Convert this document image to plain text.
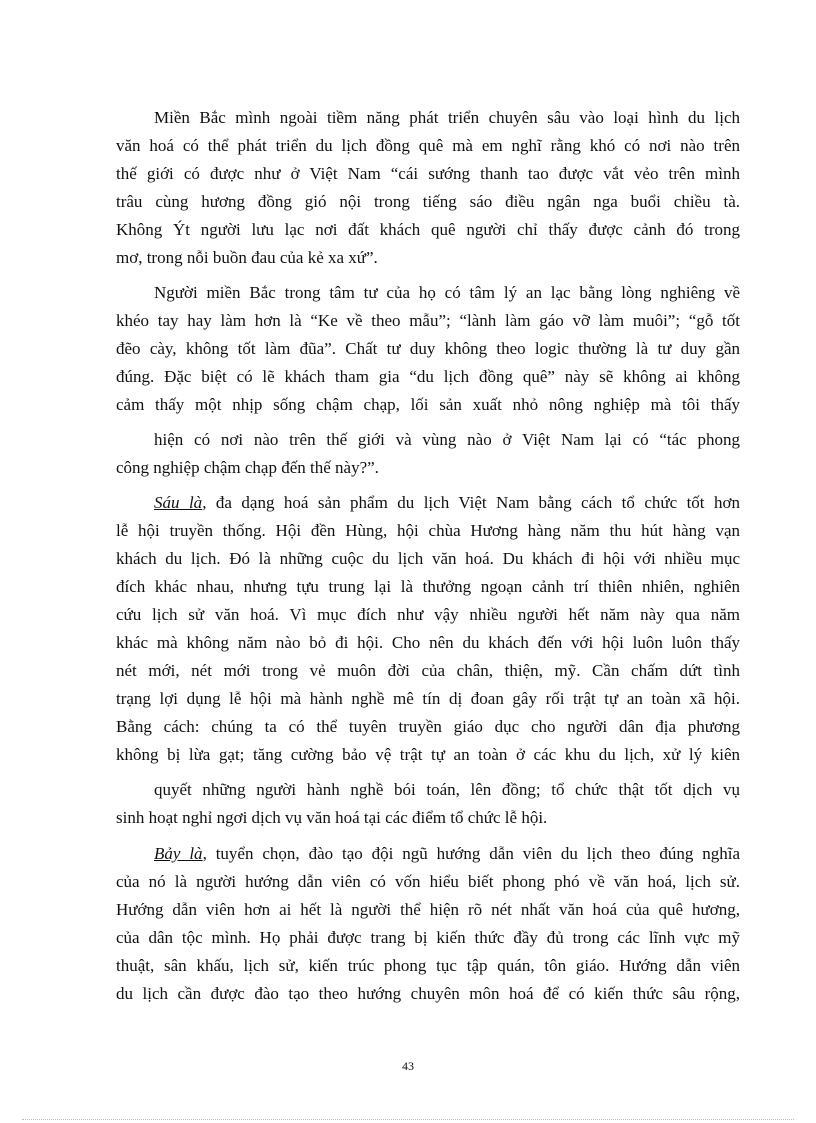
Miền Bắc mình ngoài tiềm năng phát triển chuyên sâu vào loại hình du lịch
văn hoá có thể phát triển du lịch đồng quê mà em nghĩ rằng khó có nơi nào trên
thế giới có được như ở Việt Nam “cái sướng thanh tao được vắt vẻo trên mình
trâu cùng hương đồng gió nội trong tiếng sáo điều ngân nga buổi chiều tà.
Không Ýt người lưu lạc nơi đất khách quê người chỉ thấy được cảnh đó trong
mơ, trong nỗi buồn đau của kẻ xa xứ”.
Người miền Bắc trong tâm tư của họ có tâm lý an lạc bằng lòng nghiêng về
khéo tay hay làm hơn là “Ke về theo mẫu”; “lành làm gáo vỡ làm muôi”; “gỗ tốt
đẽo cày, không tốt làm đũa”. Chất tư duy không theo logic thường là tư duy gần
đúng. Đặc biệt có lẽ khách tham gia “du lịch đồng quê” này sẽ không ai không
cảm thấy một nhịp sống chậm chạp, lối sản xuất nhỏ nông nghiệp mà tôi thấy
hiện có nơi nào trên thế giới và vùng nào ở Việt Nam lại có “tác phong
công nghiệp chậm chạp đến thế này?”.
Sáu là, đa dạng hoá sản phẩm du lịch Việt Nam bằng cách tổ chức tốt hơn
lễ hội truyền thống. Hội đền Hùng, hội chùa Hương hàng năm thu hút hàng vạn
khách du lịch. Đó là những cuộc du lịch văn hoá. Du khách đi hội với nhiều mục
đích khác nhau, nhưng tựu trung lại là thưởng ngoạn cảnh trí thiên nhiên, nghiên
cứu lịch sử văn hoá. Vì mục đích như vậy nhiều người hết năm này qua năm
khác mà không năm nào bỏ đi hội. Cho nên du khách đến với hội luôn luôn thấy
nét mới, nét mới trong vẻ muôn đời của chân, thiện, mỹ. Cần chấm dứt tình
trạng lợi dụng lễ hội mà hành nghề mê tín dị đoan gây rối trật tự an toàn xã hội.
Bằng cách: chúng ta có thể tuyên truyền giáo dục cho người dân địa phương
không bị lừa gạt; tăng cường bảo vệ trật tự an toàn ở các khu du lịch, xử lý kiên
quyết những người hành nghề bói toán, lên đồng; tổ chức thật tốt dịch vụ
sinh hoạt nghỉ ngơi dịch vụ văn hoá tại các điểm tổ chức lễ hội.
Bảy là, tuyển chọn, đào tạo đội ngũ hướng dẫn viên du lịch theo đúng nghĩa
của nó là người hướng dẫn viên có vốn hiểu biết phong phó về văn hoá, lịch sử.
Hướng dẫn viên hơn ai hết là người thể hiện rõ nét nhất văn hoá của quê hương,
của dân tộc mình. Họ phải được trang bị kiến thức đầy đủ trong các lĩnh vực mỹ
thuật, sân khấu, lịch sử, kiến trúc phong tục tập quán, tôn giáo. Hướng dẫn viên
du lịch cần được đào tạo theo hướng chuyên môn hoá để có kiến thức sâu rộng,
43
